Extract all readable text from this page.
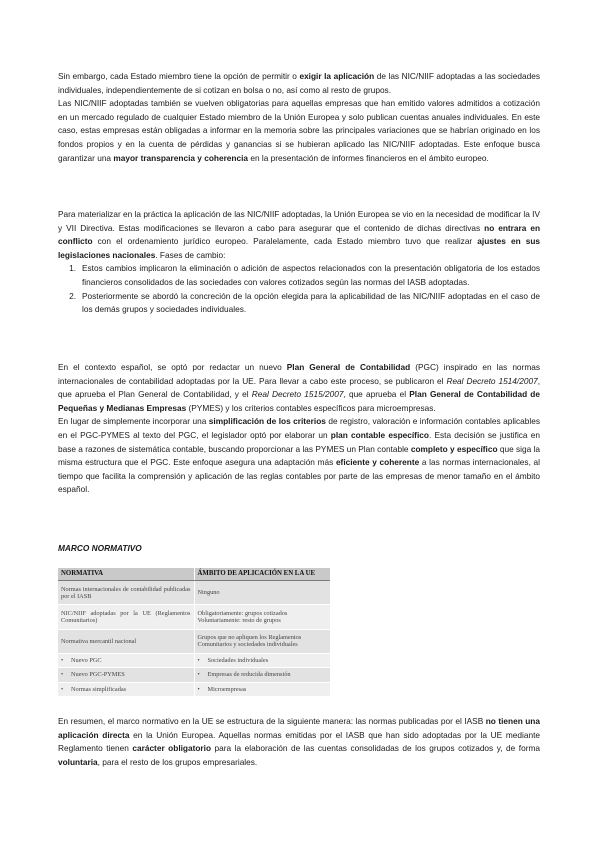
Sin embargo, cada Estado miembro tiene la opción de permitir o exigir la aplicación de las NIC/NIIF adoptadas a las sociedades individuales, independientemente de si cotizan en bolsa o no, así como al resto de grupos.

Las NIC/NIIF adoptadas también se vuelven obligatorias para aquellas empresas que han emitido valores admitidos a cotización en un mercado regulado de cualquier Estado miembro de la Unión Europea y solo publican cuentas anuales individuales. En este caso, estas empresas están obligadas a informar en la memoria sobre las principales variaciones que se habrían originado en los fondos propios y en la cuenta de pérdidas y ganancias si se hubieran aplicado las NIC/NIIF adoptadas. Este enfoque busca garantizar una mayor transparencia y coherencia en la presentación de informes financieros en el ámbito europeo.

Para materializar en la práctica la aplicación de las NIC/NIIF adoptadas, la Unión Europea se vio en la necesidad de modificar la IV y VII Directiva. Estas modificaciones se llevaron a cabo para asegurar que el contenido de dichas directivas no entrara en conflicto con el ordenamiento jurídico europeo. Paralelamente, cada Estado miembro tuvo que realizar ajustes en sus legislaciones nacionales. Fases de cambio:

1. Estos cambios implicaron la eliminación o adición de aspectos relacionados con la presentación obligatoria de los estados financieros consolidados de las sociedades con valores cotizados según las normas del IASB adoptadas.
2. Posteriormente se abordó la concreción de la opción elegida para la aplicabilidad de las NIC/NIIF adoptadas en el caso de los demás grupos y sociedades individuales.

En el contexto español, se optó por redactar un nuevo Plan General de Contabilidad (PGC) inspirado en las normas internacionales de contabilidad adoptadas por la UE. Para llevar a cabo este proceso, se publicaron el Real Decreto 1514/2007, que aprueba el Plan General de Contabilidad, y el Real Decreto 1515/2007, que aprueba el Plan General de Contabilidad de Pequeñas y Medianas Empresas (PYMES) y los criterios contables específicos para microempresas.

En lugar de simplemente incorporar una simplificación de los criterios de registro, valoración e información contables aplicables en el PGC-PYMES al texto del PGC, el legislador optó por elaborar un plan contable específico. Esta decisión se justifica en base a razones de sistemática contable, buscando proporcionar a las PYMES un Plan contable completo y específico que siga la misma estructura que el PGC. Este enfoque asegura una adaptación más eficiente y coherente a las normas internacionales, al tiempo que facilita la comprensión y aplicación de las reglas contables por parte de las empresas de menor tamaño en el ámbito español.

MARCO NORMATIVO
NORMATIVA	ÁMBITO DE APLICACIÓN EN LA UE
Normas internacionales de contabilidad publicadas por el IASB	Ninguno
NIC/NIIF adoptadas por la UE (Reglamentos Comunitarios)	Obligatoriamente: grupos cotizados Voluntariamente: resto de grupos
Normativa mercantil nacional	Grupos que no apliquen los Reglamentos Comunitarios y sociedades individuales
• Nuevo PGC	• Sociedades individuales
• Nuevo PGC-PYMES	• Empresas de reducida dimensión
• Normas simplificadas	• Microempresas

En resumen, el marco normativo en la UE se estructura de la siguiente manera: las normas publicadas por el IASB no tienen una aplicación directa en la Unión Europea. Aquellas normas emitidas por el IASB que han sido adoptadas por la UE mediante Reglamento tienen carácter obligatorio para la elaboración de las cuentas consolidadas de los grupos cotizados y, de forma voluntaria, para el resto de los grupos empresariales.
